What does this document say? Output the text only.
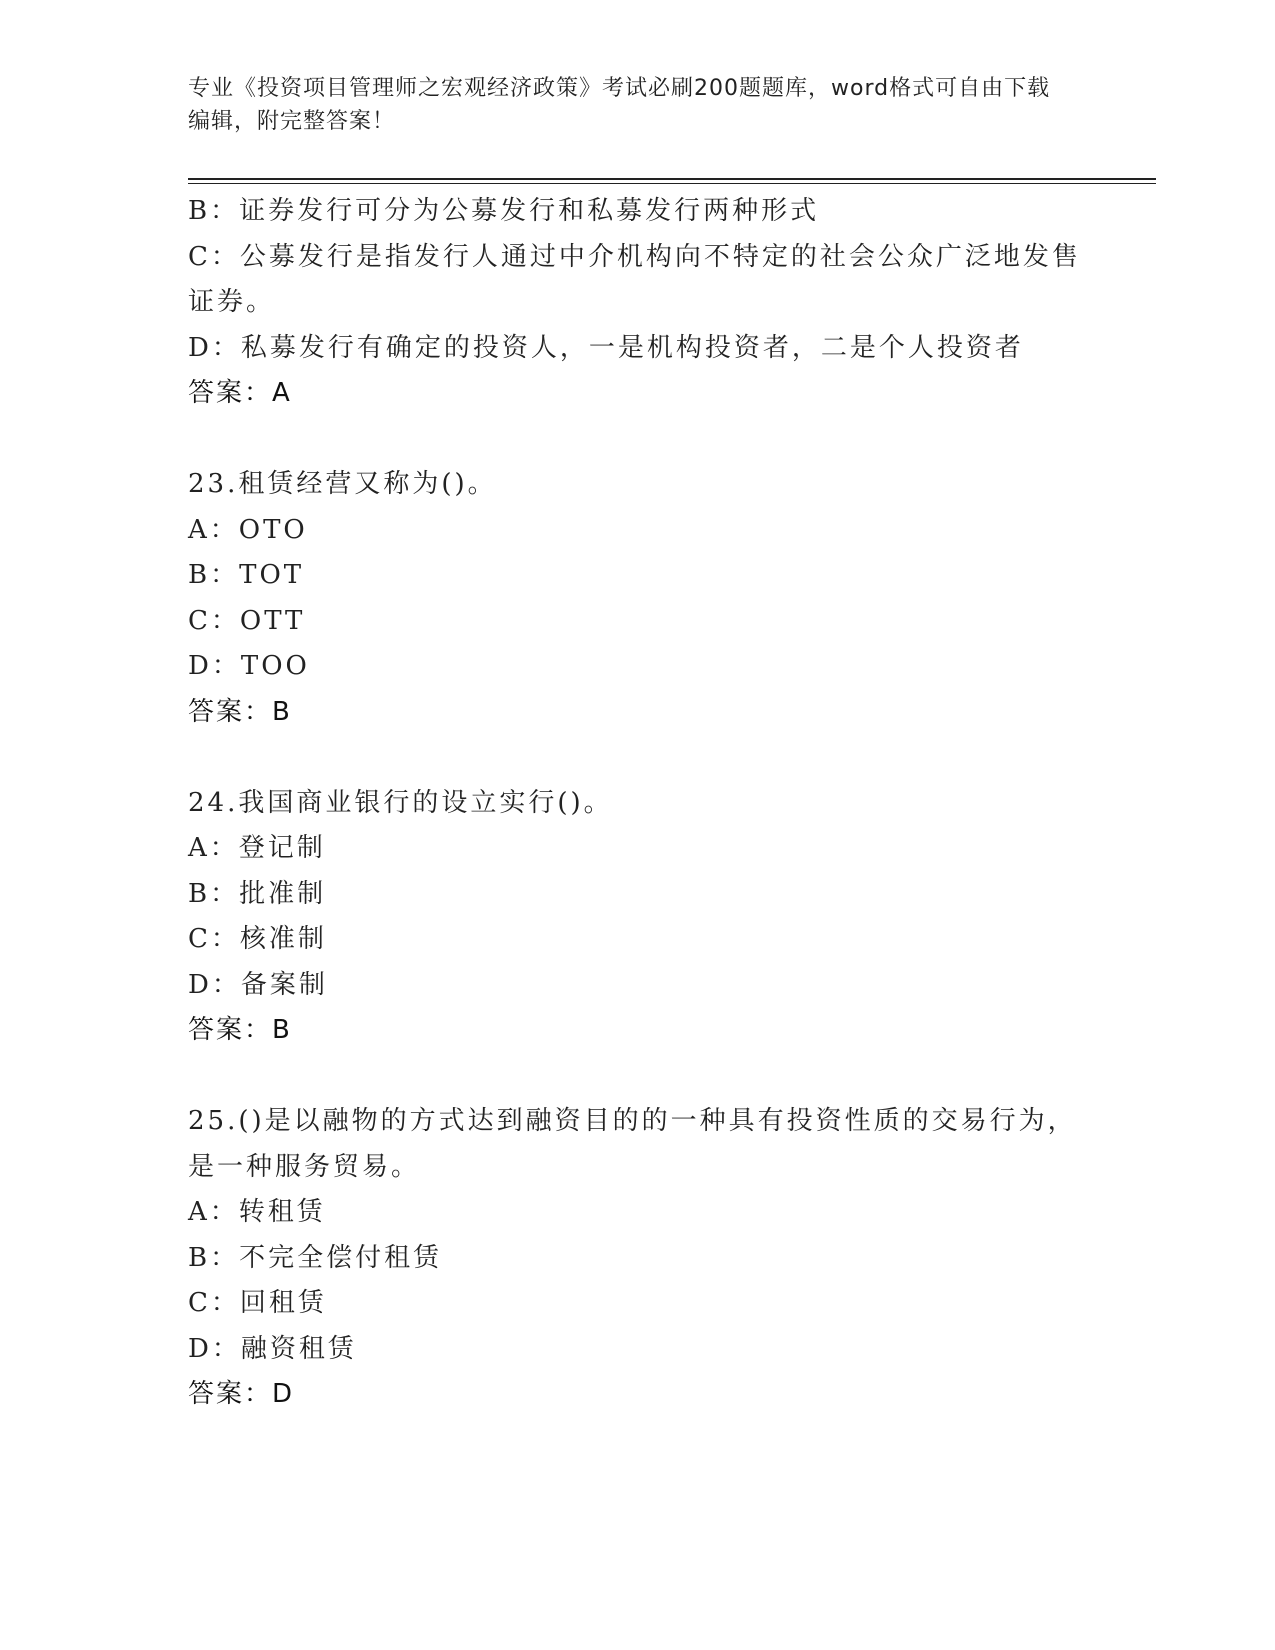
专业《投资项目管理师之宏观经济政策》考试必刷200题题库，word格式可自由下载编辑，附完整答案！
B：证券发行可分为公募发行和私募发行两种形式
C：公募发行是指发行人通过中介机构向不特定的社会公众广泛地发售证券。
D：私募发行有确定的投资人，一是机构投资者，二是个人投资者
答案：A
23.租赁经营又称为()。
A：OTO
B：TOT
C：OTT
D：TOO
答案：B
24.我国商业银行的设立实行()。
A：登记制
B：批准制
C：核准制
D：备案制
答案：B
25.()是以融物的方式达到融资目的的一种具有投资性质的交易行为，是一种服务贸易。
A：转租赁
B：不完全偿付租赁
C：回租赁
D：融资租赁
答案：D
